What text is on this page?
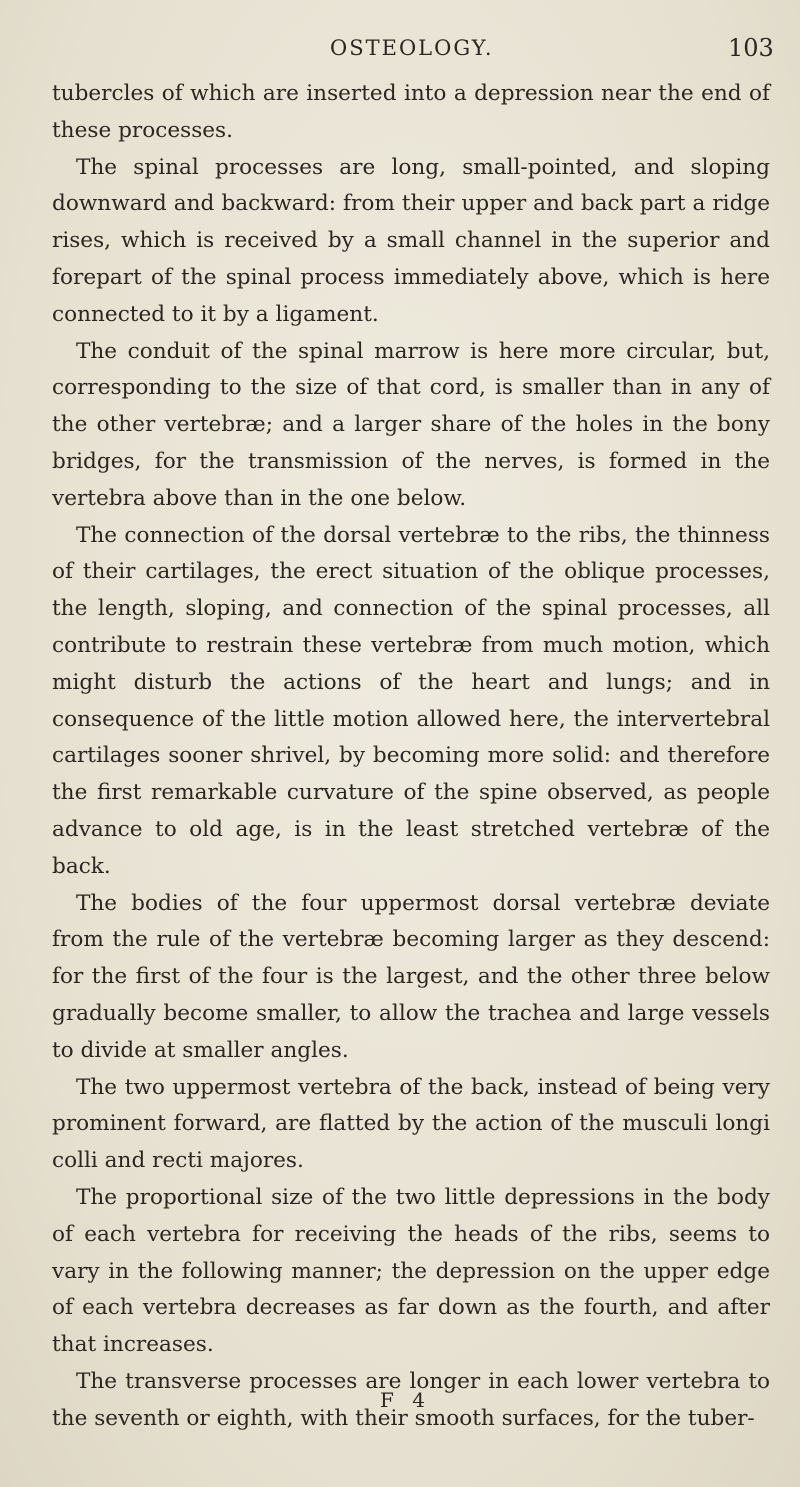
OSTEOLOGY.	103

tubercles of which are inserted into a depression near the end of these processes.

The spinal processes are long, small-pointed, and sloping downward and backward: from their upper and back part a ridge rises, which is received by a small channel in the superior and forepart of the spinal process immediately above, which is here connected to it by a ligament.

The conduit of the spinal marrow is here more circular, but, corresponding to the size of that cord, is smaller than in any of the other vertebræ; and a larger share of the holes in the bony bridges, for the transmission of the nerves, is formed in the vertebra above than in the one below.

The connection of the dorsal vertebræ to the ribs, the thinness of their cartilages, the erect situation of the oblique processes, the length, sloping, and connection of the spinal processes, all contribute to restrain these vertebræ from much motion, which might disturb the actions of the heart and lungs; and in consequence of the little motion allowed here, the intervertebral cartilages sooner shrivel, by becoming more solid: and therefore the first remarkable curvature of the spine observed, as people advance to old age, is in the least stretched vertebræ of the back.

The bodies of the four uppermost dorsal vertebræ deviate from the rule of the vertebræ becoming larger as they descend: for the first of the four is the largest, and the other three below gradually become smaller, to allow the trachea and large vessels to divide at smaller angles.

The two uppermost vertebra of the back, instead of being very prominent forward, are flatted by the action of the musculi longi colli and recti majores.

The proportional size of the two little depressions in the body of each vertebra for receiving the heads of the ribs, seems to vary in the following manner; the depression on the upper edge of each vertebra decreases as far down as the fourth, and after that increases.

The transverse processes are longer in each lower vertebra to the seventh or eighth, with their smooth surfaces, for the tuber-

F 4
